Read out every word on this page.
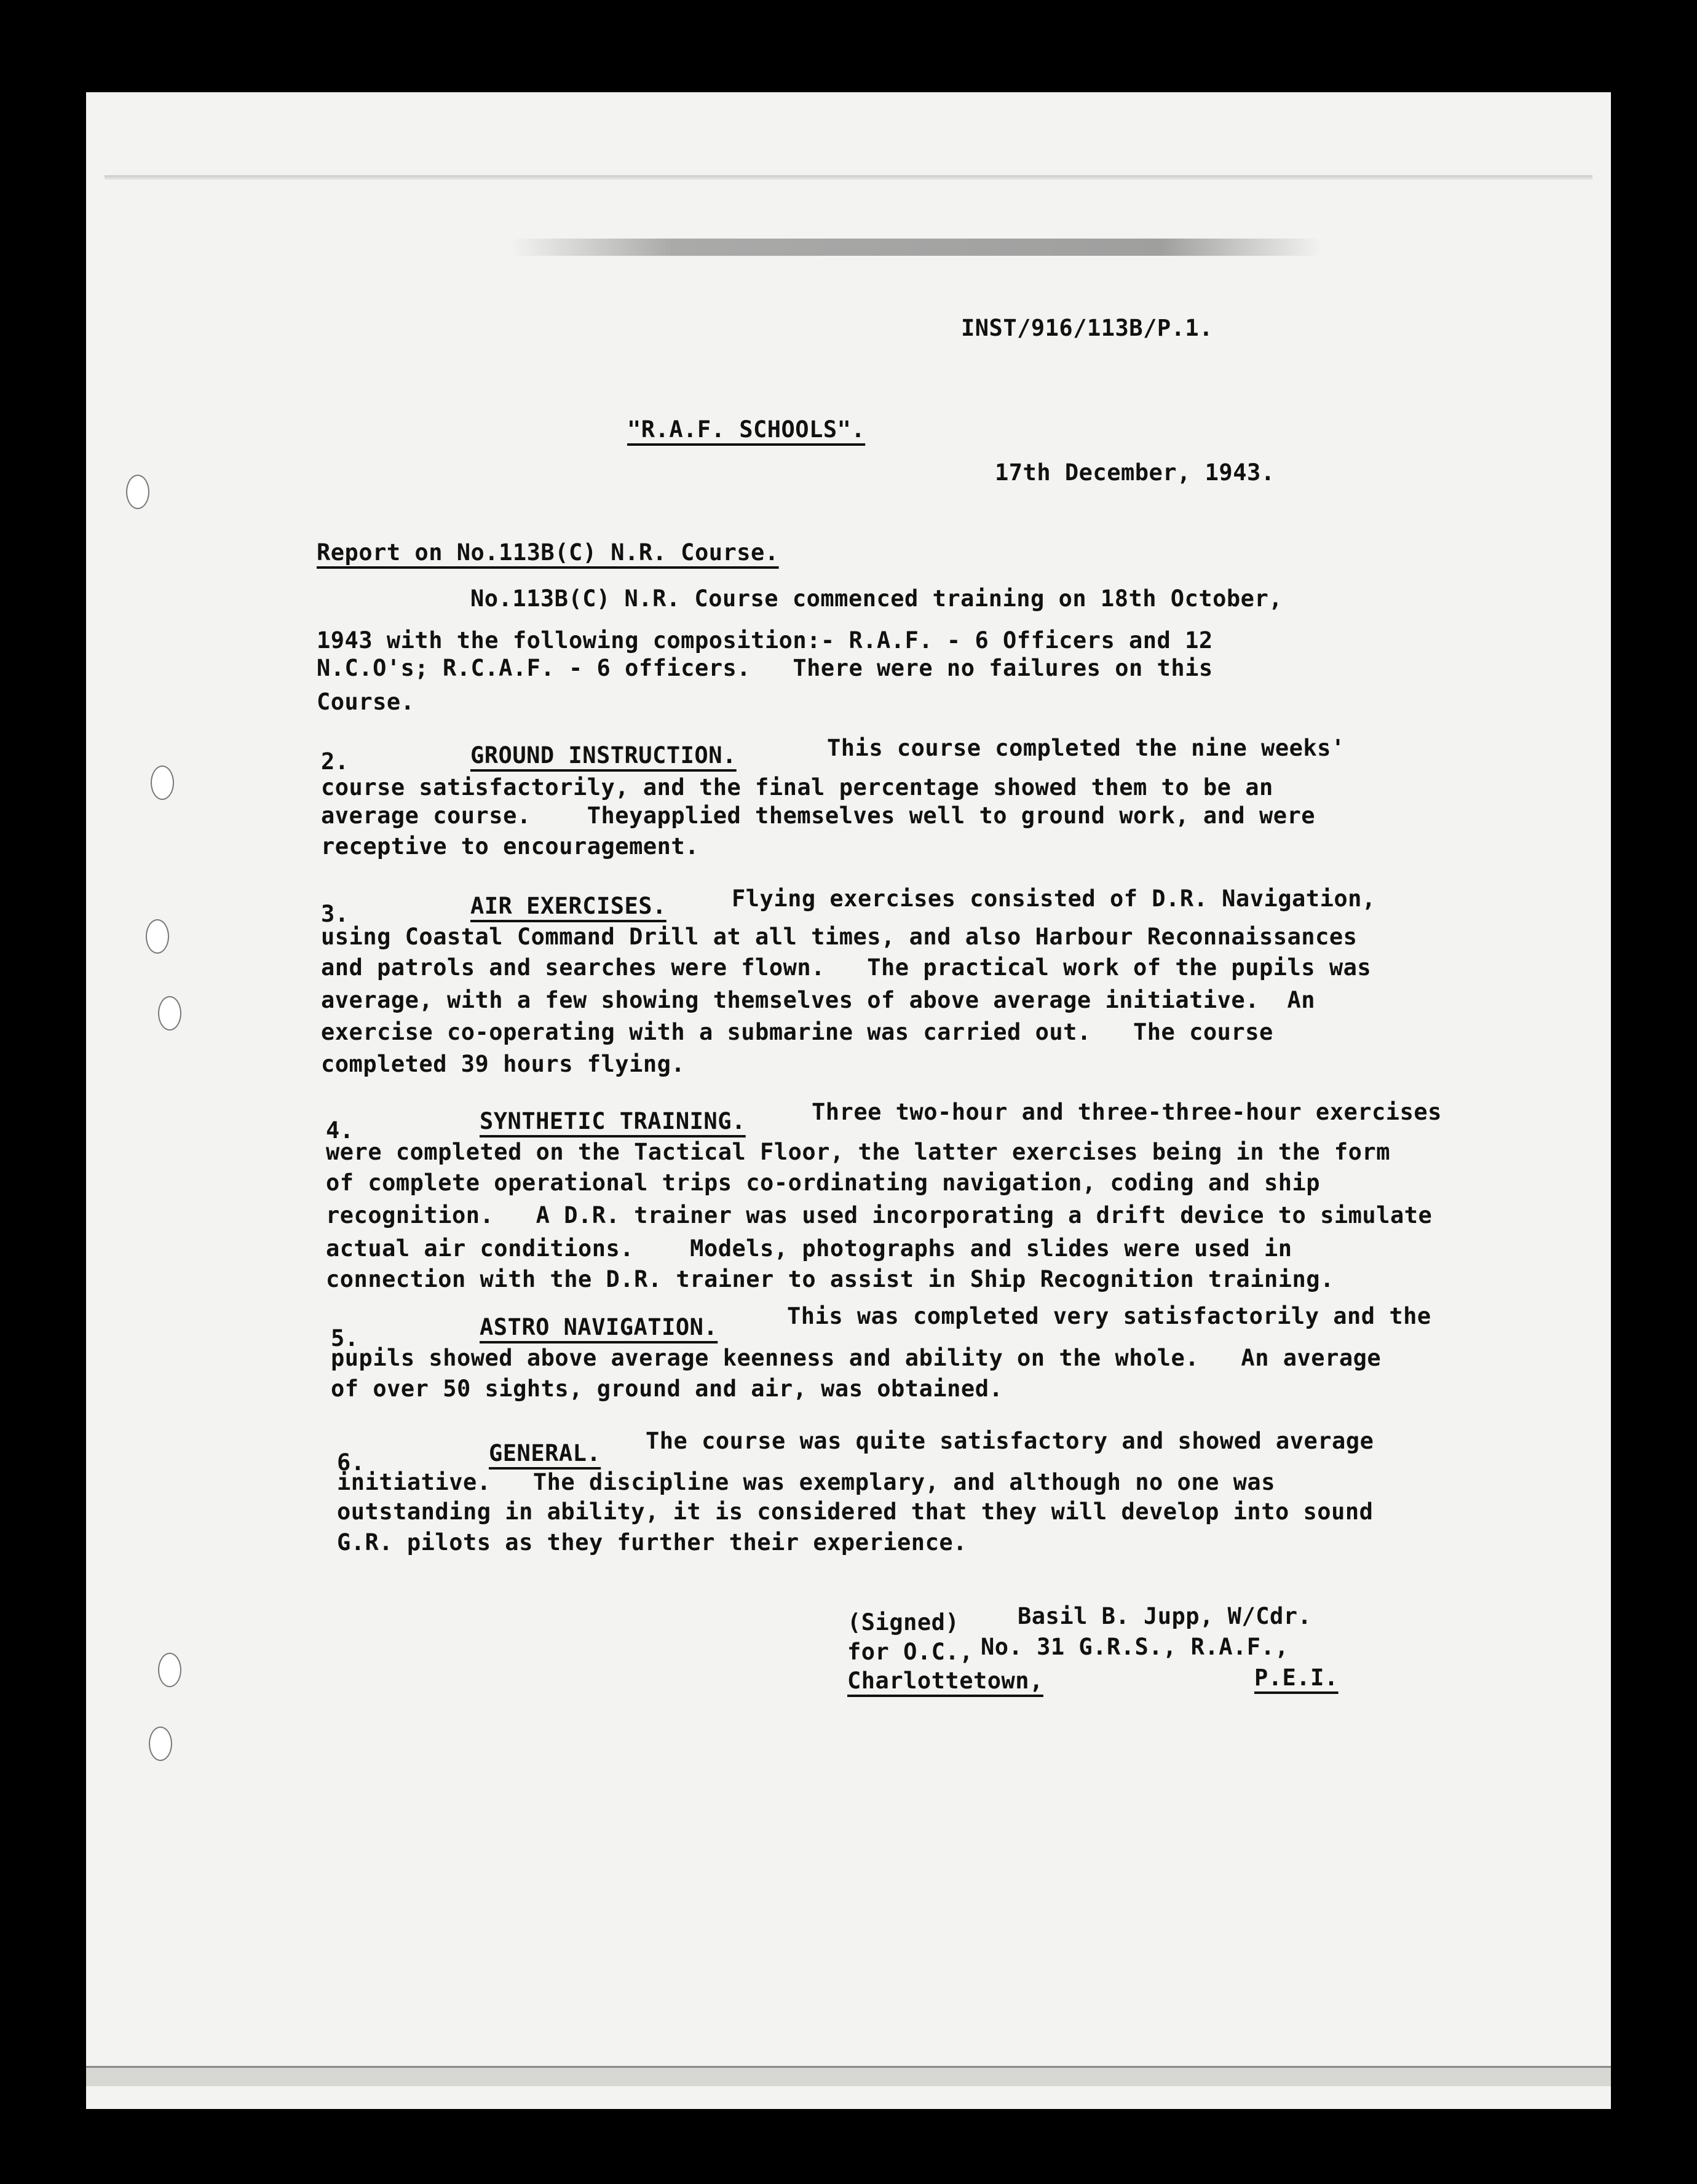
INST/916/113B/P.1.
"R.A.F. SCHOOLS".
17th December, 1943.
Report on No.113B(C) N.R. Course.
No.113B(C) N.R. Course commenced training on 18th October,
1943 with the following composition:- R.A.F. - 6 Officers and 12
N.C.O's; R.C.A.F. - 6 officers.   There were no failures on this
Course.
2.	GROUND INSTRUCTION.	This course completed the nine weeks'
course satisfactorily, and the final percentage showed them to be an
average course.    Theyapplied themselves well to ground work, and were
receptive to encouragement.
3.	AIR EXERCISES.	Flying exercises consisted of D.R. Navigation,
using Coastal Command Drill at all times, and also Harbour Reconnaissances
and patrols and searches were flown.   The practical work of the pupils was
average, with a few showing themselves of above average initiative.  An
exercise co-operating with a submarine was carried out.   The course
completed 39 hours flying.
4.	SYNTHETIC TRAINING.	Three two-hour and three-three-hour exercises
were completed on the Tactical Floor, the latter exercises being in the form
of complete operational trips co-ordinating navigation, coding and ship
recognition.   A D.R. trainer was used incorporating a drift device to simulate
actual air conditions.    Models, photographs and slides were used in
connection with the D.R. trainer to assist in Ship Recognition training.
5.	ASTRO NAVIGATION.	This was completed very satisfactorily and the
pupils showed above average keenness and ability on the whole.   An average
of over 50 sights, ground and air, was obtained.
6.	GENERAL. The course was quite satisfactory and showed average
initiative.   The discipline was exemplary, and although no one was
outstanding in ability, it is considered that they will develop into sound
G.R. pilots as they further their experience.
(Signed)	Basil B. Jupp, W/Cdr.
for O.C., No. 31 G.R.S., R.A.F.,
Charlottetown,	P.E.I.
